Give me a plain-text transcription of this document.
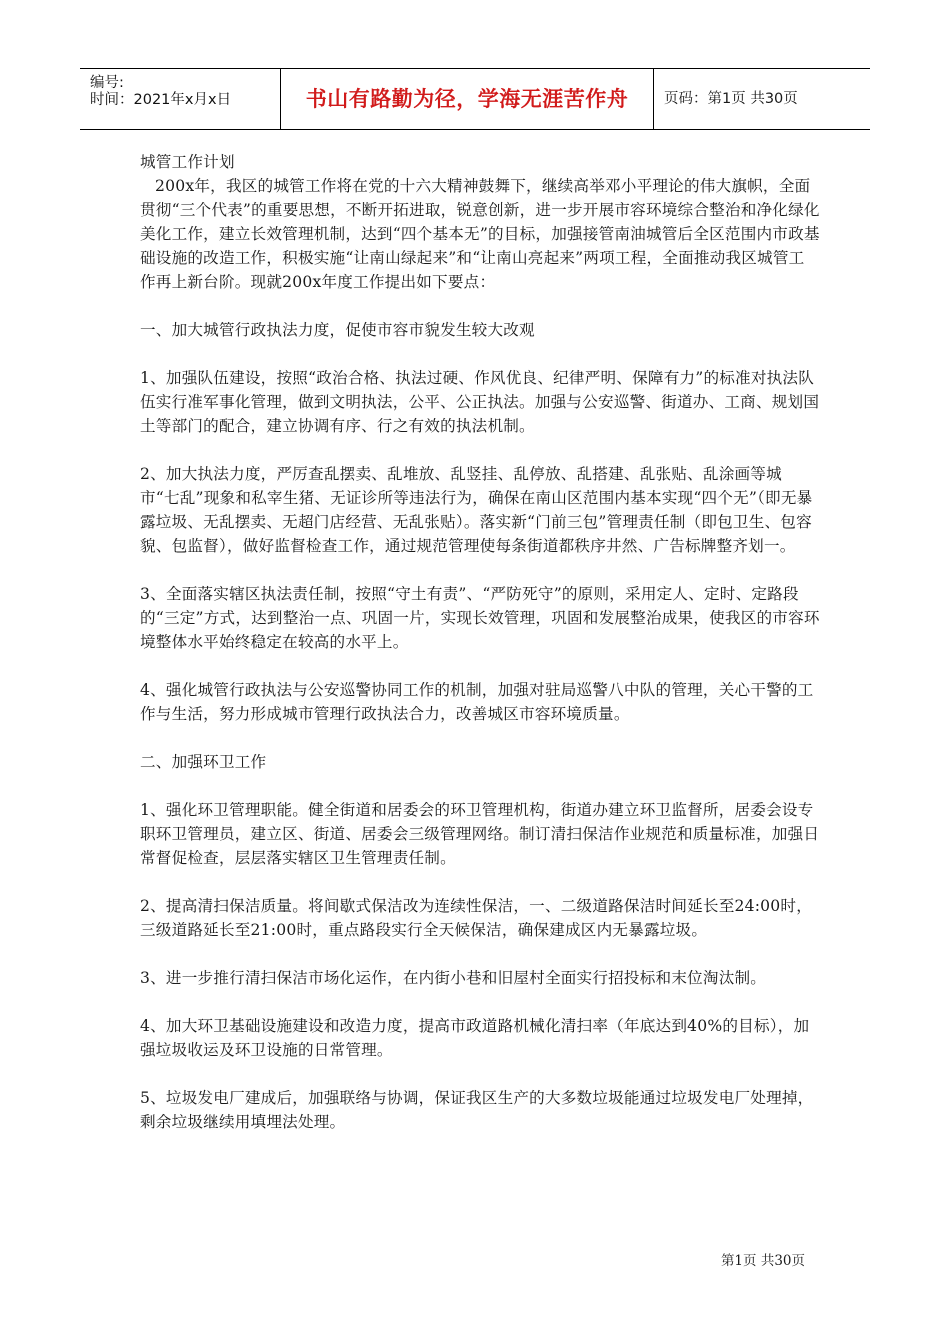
编号:
时间：2021年x月x日	书山有路勤为径，学海无涯苦作舟	页码：第1页 共30页

城管工作计划

200x年，我区的城管工作将在党的十六大精神鼓舞下，继续高举邓小平理论的伟大旗帜，全面贯彻“三个代表”的重要思想，不断开拓进取，锐意创新，进一步开展市容环境综合整治和净化绿化美化工作，建立长效管理机制，达到“四个基本无”的目标，加强接管南油城管后全区范围内市政基础设施的改造工作，积极实施“让南山绿起来”和“让南山亮起来”两项工程，全面推动我区城管工作再上新台阶。现就200x年度工作提出如下要点：

一、加大城管行政执法力度，促使市容市貌发生较大改观

1、加强队伍建设，按照“政治合格、执法过硬、作风优良、纪律严明、保障有力”的标准对执法队伍实行准军事化管理，做到文明执法，公平、公正执法。加强与公安巡警、街道办、工商、规划国土等部门的配合，建立协调有序、行之有效的执法机制。

2、加大执法力度，严厉查乱摆卖、乱堆放、乱竖挂、乱停放、乱搭建、乱张贴、乱涂画等城市“七乱”现象和私宰生猪、无证诊所等违法行为，确保在南山区范围内基本实现“四个无”（即无暴露垃圾、无乱摆卖、无超门店经营、无乱张贴）。落实新“门前三包”管理责任制（即包卫生、包容貌、包监督），做好监督检查工作，通过规范管理使每条街道都秩序井然、广告标牌整齐划一。

3、全面落实辖区执法责任制，按照“守土有责”、“严防死守”的原则，采用定人、定时、定路段的“三定”方式，达到整治一点、巩固一片，实现长效管理，巩固和发展整治成果，使我区的市容环境整体水平始终稳定在较高的水平上。

4、强化城管行政执法与公安巡警协同工作的机制，加强对驻局巡警八中队的管理，关心干警的工作与生活，努力形成城市管理行政执法合力，改善城区市容环境质量。

二、加强环卫工作

1、强化环卫管理职能。健全街道和居委会的环卫管理机构，街道办建立环卫监督所，居委会设专职环卫管理员，建立区、街道、居委会三级管理网络。制订清扫保洁作业规范和质量标准，加强日常督促检查，层层落实辖区卫生管理责任制。

2、提高清扫保洁质量。将间歇式保洁改为连续性保洁，一、二级道路保洁时间延长至24:00时，三级道路延长至21:00时，重点路段实行全天候保洁，确保建成区内无暴露垃圾。

3、进一步推行清扫保洁市场化运作，在内街小巷和旧屋村全面实行招投标和末位淘汰制。

4、加大环卫基础设施建设和改造力度，提高市政道路机械化清扫率（年底达到40%的目标），加强垃圾收运及环卫设施的日常管理。

5、垃圾发电厂建成后，加强联络与协调，保证我区生产的大多数垃圾能通过垃圾发电厂处理掉，剩余垃圾继续用填埋法处理。

第1页 共30页
